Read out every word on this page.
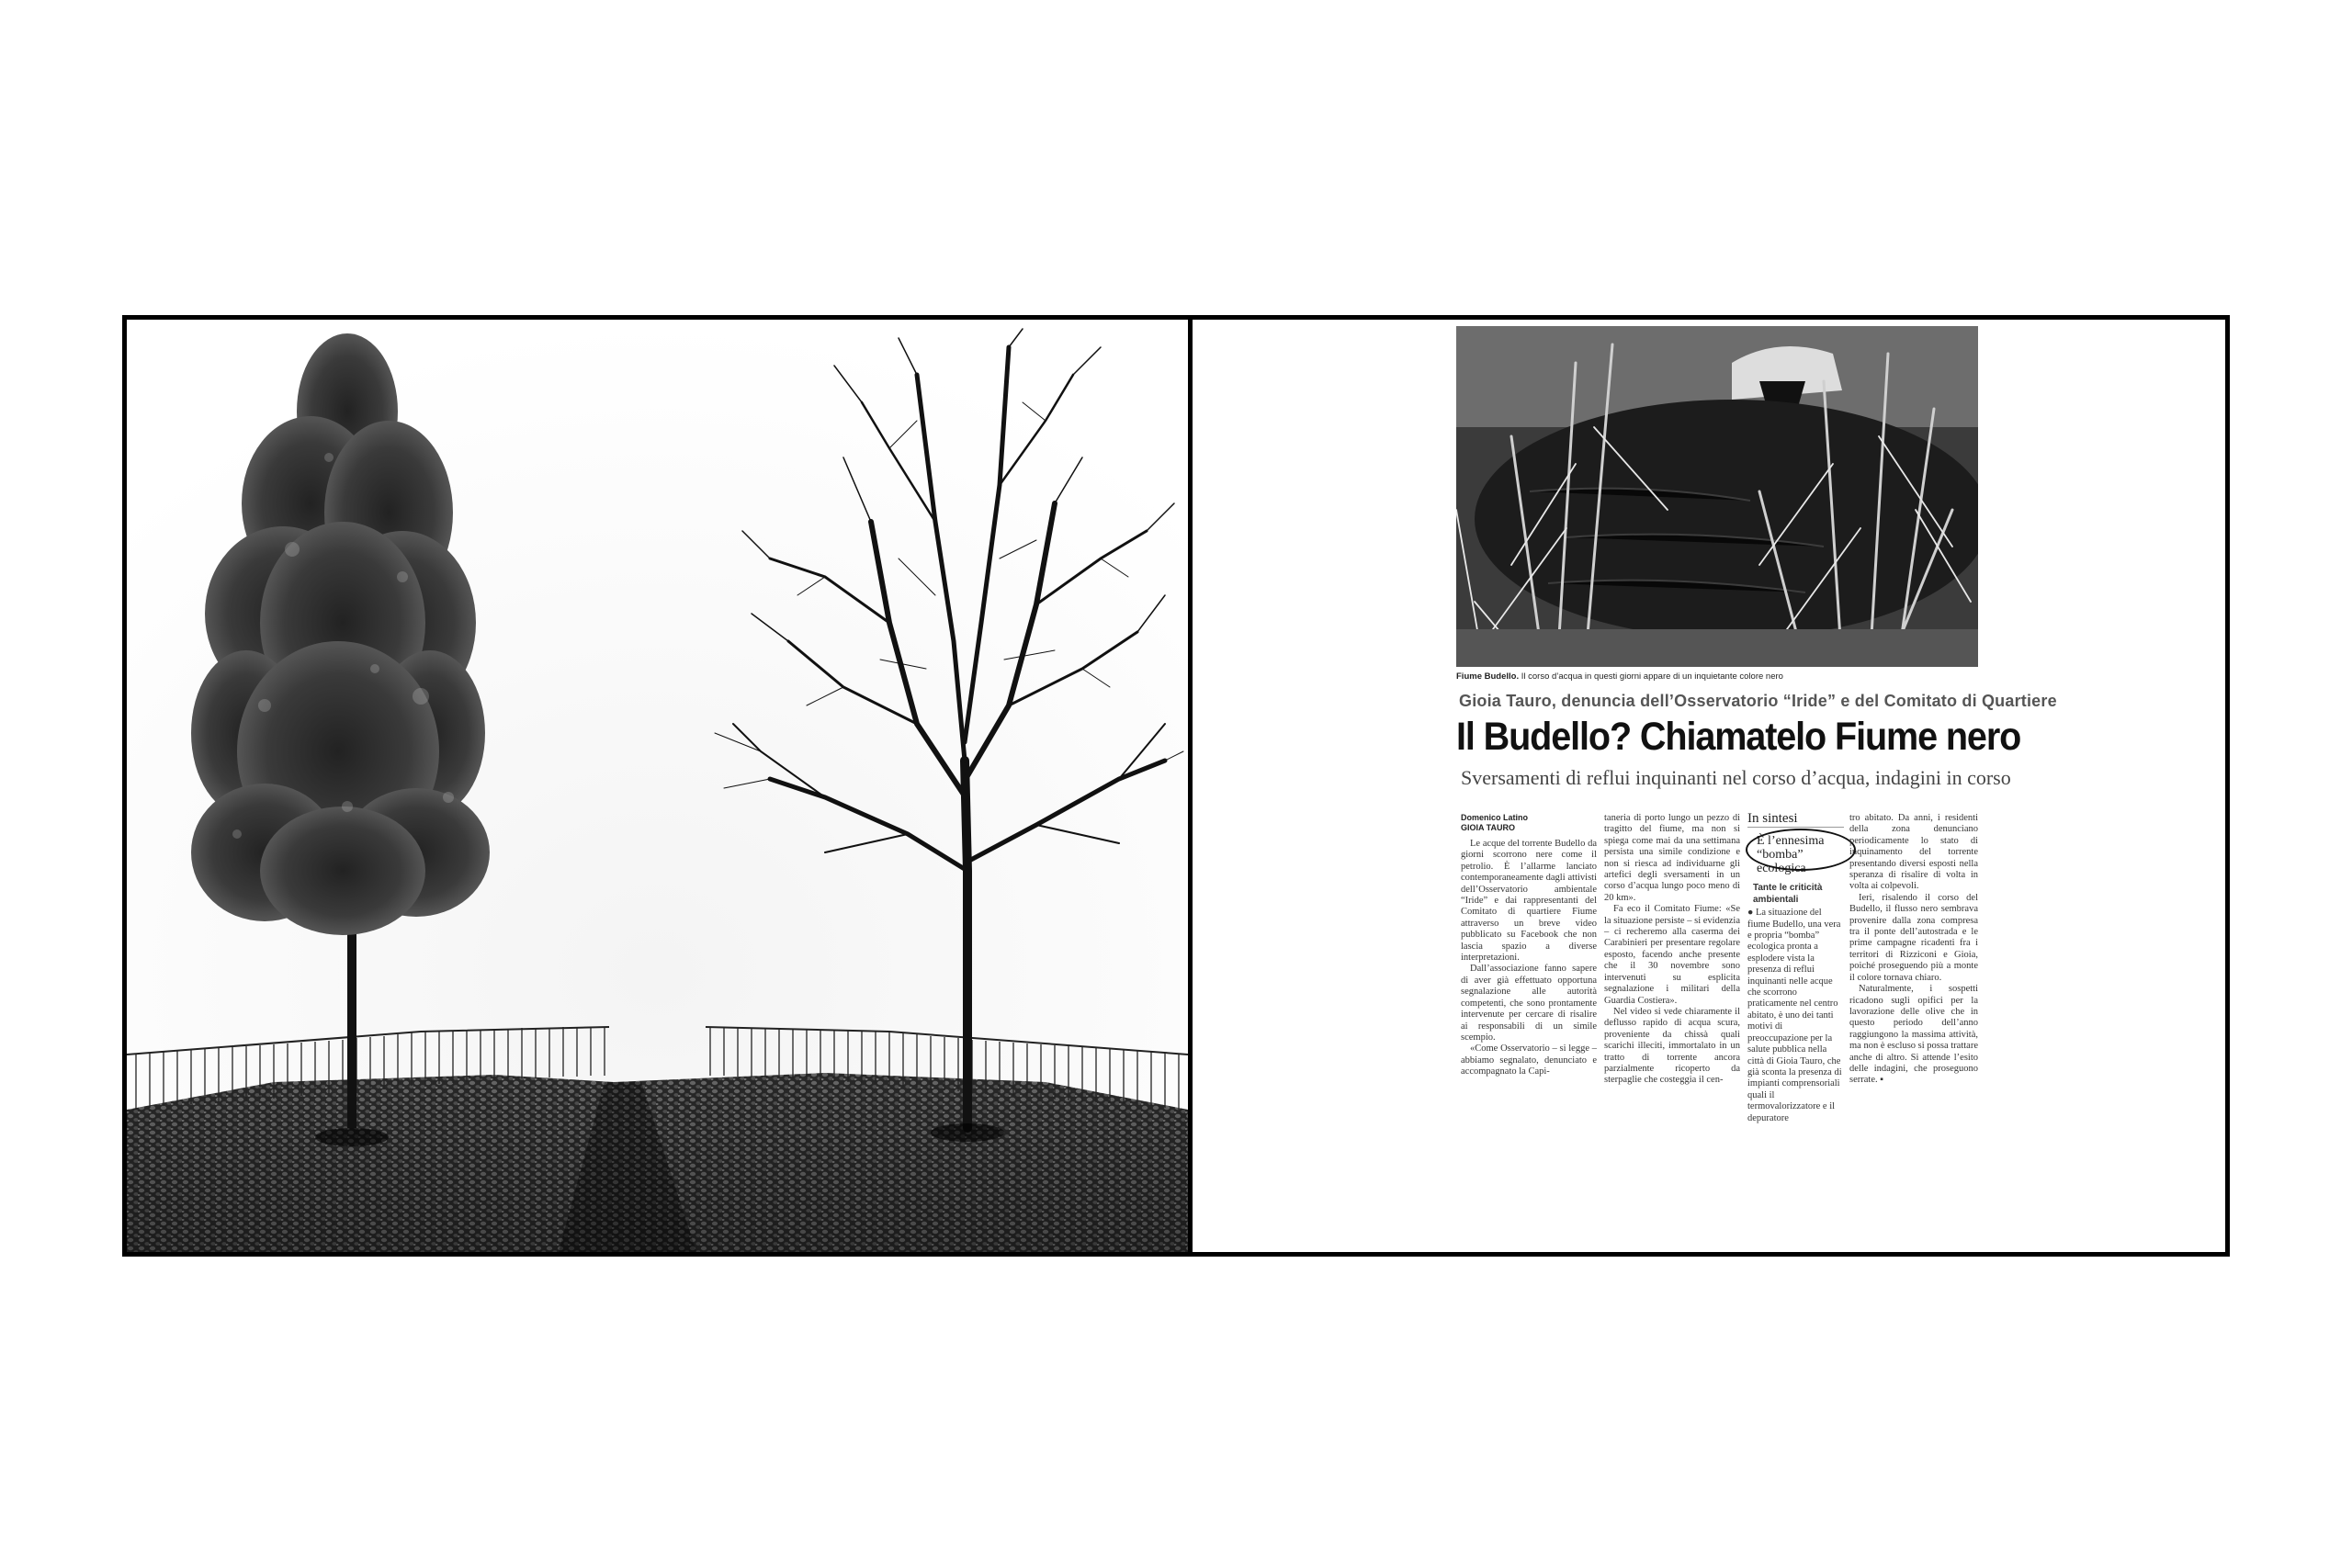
Fiume Budello. Il corso d’acqua in questi giorni appare di un inquietante colore nero
Gioia Tauro, denuncia dell’Osservatorio “Iride” e del Comitato di Quartiere
Il Budello? Chiamatelo Fiume nero
Sversamenti di reflui inquinanti nel corso d’acqua, indagini in corso
Domenico Latino
GIOIA TAURO

Le acque del torrente Budello da giorni scorrono nere come il petrolio. È l’allarme lanciato contemporaneamente dagli attivisti dell’Osservatorio ambientale “Iride” e dai rappresentanti del Comitato di quartiere Fiume attraverso un breve video pubblicato su Facebook che non lascia spazio a diverse interpretazioni.

Dall’associazione fanno sapere di aver già effettuato opportuna segnalazione alle autorità competenti, che sono prontamente intervenute per cercare di risalire ai responsabili di un simile scempio.

«Come Osservatorio – si legge – abbiamo segnalato, denunciato e accompagnato la Capi-

taneria di porto lungo un pezzo di tragitto del fiume, ma non si spiega come mai da una settimana persista una simile condizione e non si riesca ad individuarne gli artefici degli sversamenti in un corso d’acqua lungo poco meno di 20 km».

Fa eco il Comitato Fiume: «Se la situazione persiste – si evidenzia – ci recheremo alla caserma dei Carabinieri per presentare regolare esposto, facendo anche presente che il 30 novembre sono intervenuti su esplicita segnalazione i militari della Guardia Costiera».

Nel video si vede chiaramente il deflusso rapido di acqua scura, proveniente da chissà quali scarichi illeciti, immortalato in un tratto di torrente ancora parzialmente ricoperto da sterpaglie che costeggia il cen-

In sintesi
È l’ennesima “bomba” ecologica
Tante le criticità ambientali

● La situazione del fiume Budello, una vera e propria “bomba” ecologica pronta a esplodere vista la presenza di reflui inquinanti nelle acque che scorrono praticamente nel centro abitato, è uno dei tanti motivi di preoccupazione per la salute pubblica nella città di Gioia Tauro, che già sconta la presenza di impianti comprensoriali quali il termovalorizzatore e il depuratore

tro abitato. Da anni, i residenti della zona denunciano periodicamente lo stato di inquinamento del torrente presentando diversi esposti nella speranza di risalire di volta in volta ai colpevoli.

Ieri, risalendo il corso del Budello, il flusso nero sembrava provenire dalla zona compresa tra il ponte dell’autostrada e le prime campagne ricadenti fra i territori di Rizziconi e Gioia, poiché proseguendo più a monte il colore tornava chiaro.

Naturalmente, i sospetti ricadono sugli opifici per la lavorazione delle olive che in questo periodo dell’anno raggiungono la massima attività, ma non è escluso si possa trattare anche di altro. Si attende l’esito delle indagini, che proseguono serrate. ▪
